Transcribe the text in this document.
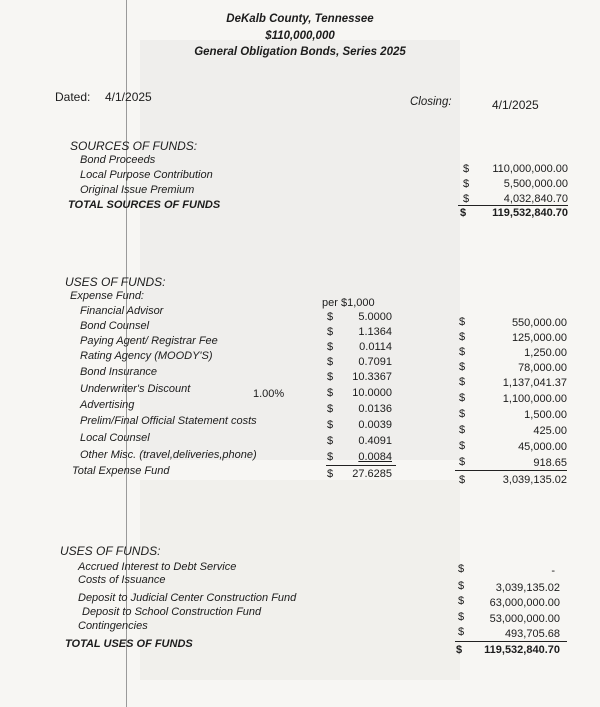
DeKalb County, Tennessee
$110,000,000
General Obligation Bonds, Series 2025
Dated: 4/1/2025	Closing:	4/1/2025
SOURCES OF FUNDS:
Bond Proceeds
$ 110,000,000.00
Local Purpose Contribution
$	5,500,000.00
Original Issue Premium
$	4,032,840.70
TOTAL SOURCES OF FUNDS
$ 119,532,840.70
USES OF FUNDS:
Expense Fund:
per $1,000
Financial Advisor	$	5.0000	$	550,000.00
Bond Counsel	$	1.1364	$	125,000.00
Paying Agent/ Registrar Fee	$	0.0114	$	1,250.00
Rating Agency (MOODY'S)	$	0.7091	$	78,000.00
Bond Insurance	$	10.3367	$	1,137,041.37
Underwriter's Discount	1.00%	$	10.0000	$	1,100,000.00
Advertising	$	0.0136	$	1,500.00
Prelim/Final Official Statement costs	$	0.0039	$	425.00
Local Counsel	$	0.4091	$	45,000.00
Other Misc. (travel,deliveries,phone)	$	0.0084	$	918.65
Total Expense Fund	$	27.6285	$	3,039,135.02
USES OF FUNDS:
Accrued Interest to Debt Service	$	-
Costs of Issuance	$	3,039,135.02
Deposit to Judicial Center Construction Fund	$ 63,000,000.00
Deposit to School Construction Fund	$ 53,000,000.00
Contingencies	$	493,705.68
TOTAL USES OF FUNDS	$ 119,532,840.70
